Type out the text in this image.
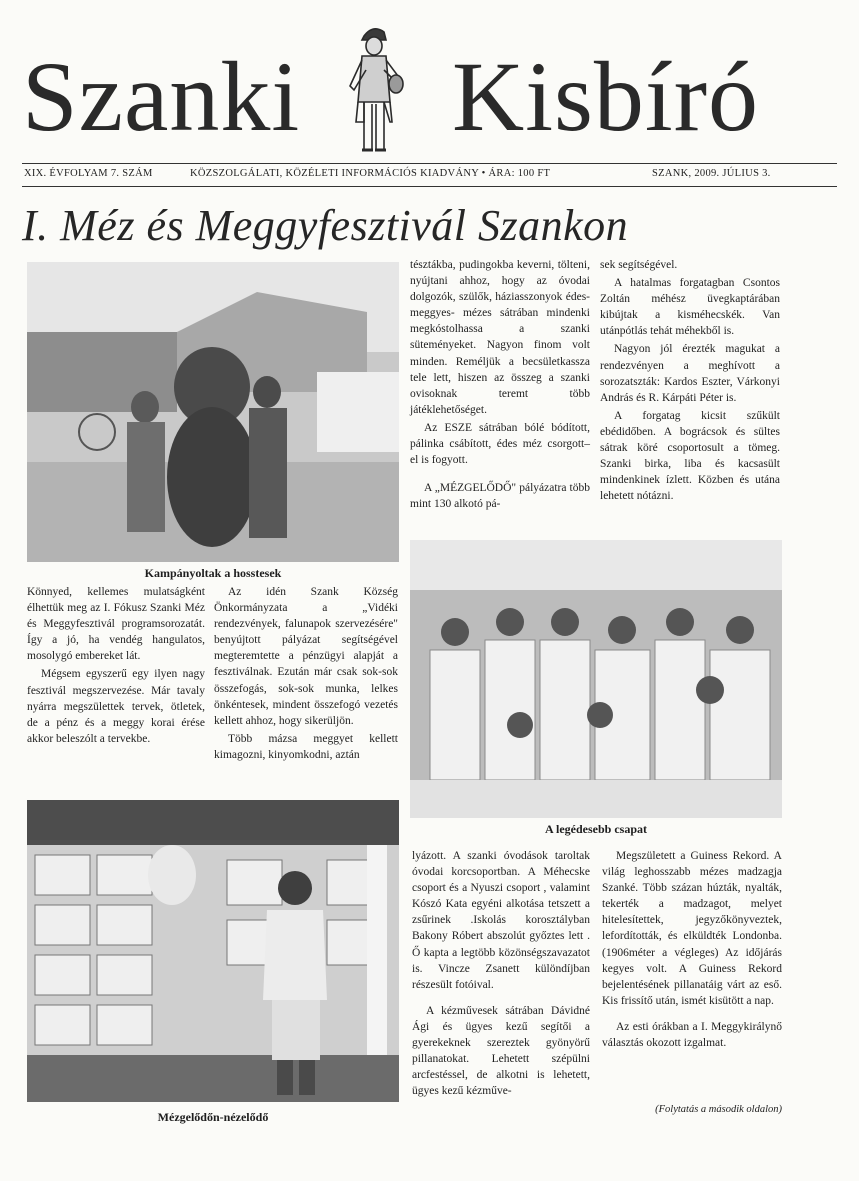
Szanki Kisbíró
XIX. ÉVFOLYAM 7. SZÁM	KÖZSZOLGÁLATI, KÖZÉLETI INFORMÁCIÓS KIADVÁNY • ÁRA: 100 FT	SZANK, 2009. JÚLIUS 3.
I. Méz és Meggyfesztivál Szankon
Kampányoltak a hosstesek

tésztákba, pudingokba keverni, tölteni, nyújtani ahhoz, hogy az óvodai dolgozók, szülők, háziasszonyok édes- meggyes- mézes sátrában mindenki megkóstolhassa a szanki süteményeket. Nagyon finom volt minden. Reméljük a becsületkassza tele lett, hiszen az összeg a szanki ovisoknak teremt több játéklehetőséget.

Az ESZE sátrában bólé bódított, pálinka csábított, édes méz csorgott– el is fogyott.

A „MÉZGELŐDŐ" pályázatra több mint 130 alkotó pá-

sek segítségével.

A hatalmas forgatagban Csontos Zoltán méhész üvegkaptárában kibújtak a kisméhecskék. Van utánpótlás tehát méhekből is.

Nagyon jól érezték magukat a rendezvényen a meghívott a sorozatszták: Kardos Eszter, Várkonyi András és R. Kárpáti Péter is.

A forgatag kicsit szűkült ebédidőben. A bográcsok és sültes sátrak köré csoportosult a tömeg. Szanki birka, liba és kacsasült mindenkinek ízlett. Közben és utána lehetett nótázni.

A legédesebb csapat

Könnyed, kellemes mulatságként élhettük meg az I. Fókusz Szanki Méz és Meggyfesztivál programsorozatát. Így a jó, ha vendég hangulatos, mosolygó embereket lát.

Mégsem egyszerű egy ilyen nagy fesztivál megszervezése. Már tavaly nyárra megszülettek tervek, ötletek, de a pénz és a meggy korai érése akkor beleszólt a tervekbe.

Az idén Szank Község Önkormányzata a „Vidéki rendezvények, falunapok szervezésére" benyújtott pályázat segítségével megteremtette a pénzügyi alapját a fesztiválnak. Ezután már csak sok-sok összefogás, sok-sok munka, lelkes önkéntesek, mindent összefogó vezetés kellett ahhoz, hogy sikerüljön.

Több mázsa meggyet kellett kimagozni, kinyomkodni, aztán

Mézgelődőn-nézelődő

lyázott. A szanki óvodások taroltak óvodai korcsoportban. A Méhecske csoport és a Nyuszi csoport , valamint Kószó Kata egyéni alkotása tetszett a zsűrinek .Iskolás korosztályban Bakony Róbert abszolút győztes lett . Ő kapta a legtöbb közönségszavazatot is. Vincze Zsanett különdíjban részesült fotóival.

A kézművesek sátrában Dávidné Ági és ügyes kezű segítői a gyerekeknek szereztek gyönyörű pillanatokat. Lehetett szépülni arcfestéssel, de alkotni is lehetett, ügyes kezű kézműve-

Megszületett a Guiness Rekord. A világ leghosszabb mézes madzagja Szanké. Több százan húzták, nyalták, tekerték a madzagot, melyet hitelesítettek, jegyzőkönyveztek, lefordították, és elküldték Londonba.(1906méter a végleges) Az időjárás kegyes volt. A Guiness Rekord bejelentésének pillanatáig várt az eső. Kis frissítő után, ismét kisütött a nap.

Az esti órákban a I. Meggykirálynő választás okozott izgalmat.

(Folytatás a második oldalon)
